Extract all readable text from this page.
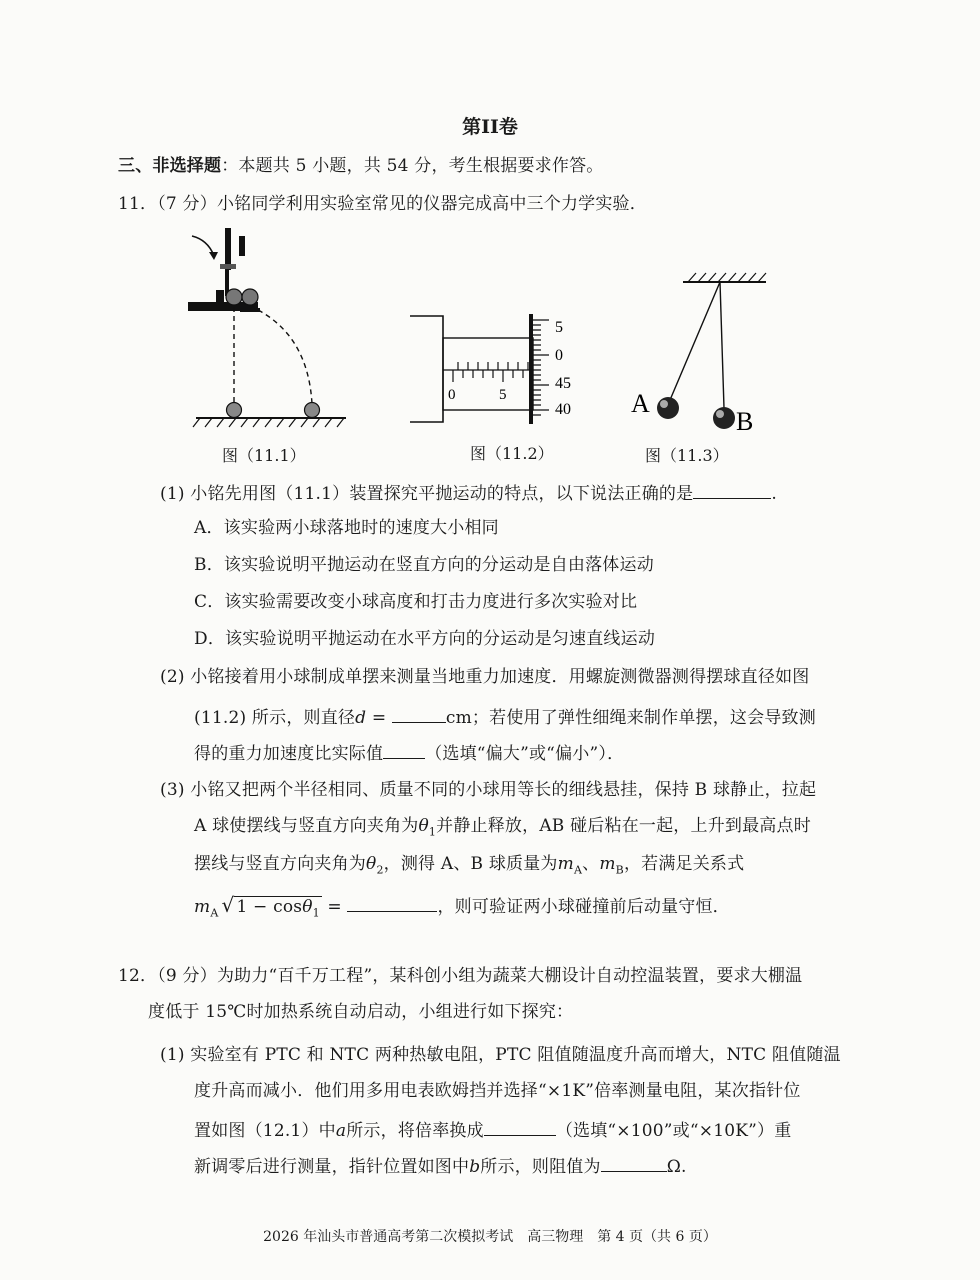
第II卷
三、非选择题：本题共 5 小题，共 54 分，考生根据要求作答。
11．（7 分）小铭同学利用实验室常见的仪器完成高中三个力学实验．
0	5
5
0
45
40 A
B
图（11.1）	图（11.2）	图（11.3）
(1) 小铭先用图（11.1）装置探究平抛运动的特点，以下说法正确的是	.
A．该实验两小球落地时的速度大小相同
B．该实验说明平抛运动在竖直方向的分运动是自由落体运动
C．该实验需要改变小球高度和打击力度进行多次实验对比
D．该实验说明平抛运动在水平方向的分运动是匀速直线运动
(2) 小铭接着用小球制成单摆来测量当地重力加速度．用螺旋测微器测得摆球直径如图
(11.2) 所示，则直径d =	cm；若使用了弹性细绳来制作单摆，这会导致测
得的重力加速度比实际值 （选填“偏大”或“偏小”）．
(3) 小铭又把两个半径相同、质量不同的小球用等长的细线悬挂，保持 B 球静止，拉起
A 球使摆线与竖直方向夹角为$\theta_1$并静止释放，AB 碰后粘在一起，上升到最高点时
摆线与竖直方向夹角为$\theta_2$，测得 A、B 球质量为$m_A$、$m_B$，若满足关系式
$m_A$ √ 1 − cosθ$_1$ =	，则可验证两小球碰撞前后动量守恒．
12．（9 分）为助力“百千万工程”，某科创小组为蔬菜大棚设计自动控温装置，要求大棚温
度低于 15℃时加热系统自动启动，小组进行如下探究：
(1) 实验室有 PTC 和 NTC 两种热敏电阻，PTC 阻值随温度升高而增大，NTC 阻值随温
度升高而减小．他们用多用电表欧姆挡并选择“×1K”倍率测量电阻，某次指针位
置如图（12.1）中a所示，将倍率换成	（选填“×100”或“×10K”）重
新调零后进行测量，指针位置如图中b所示，则阻值为	Ω.
2026 年汕头市普通高考第二次模拟考试　高三物理　第 4 页（共 6 页）
